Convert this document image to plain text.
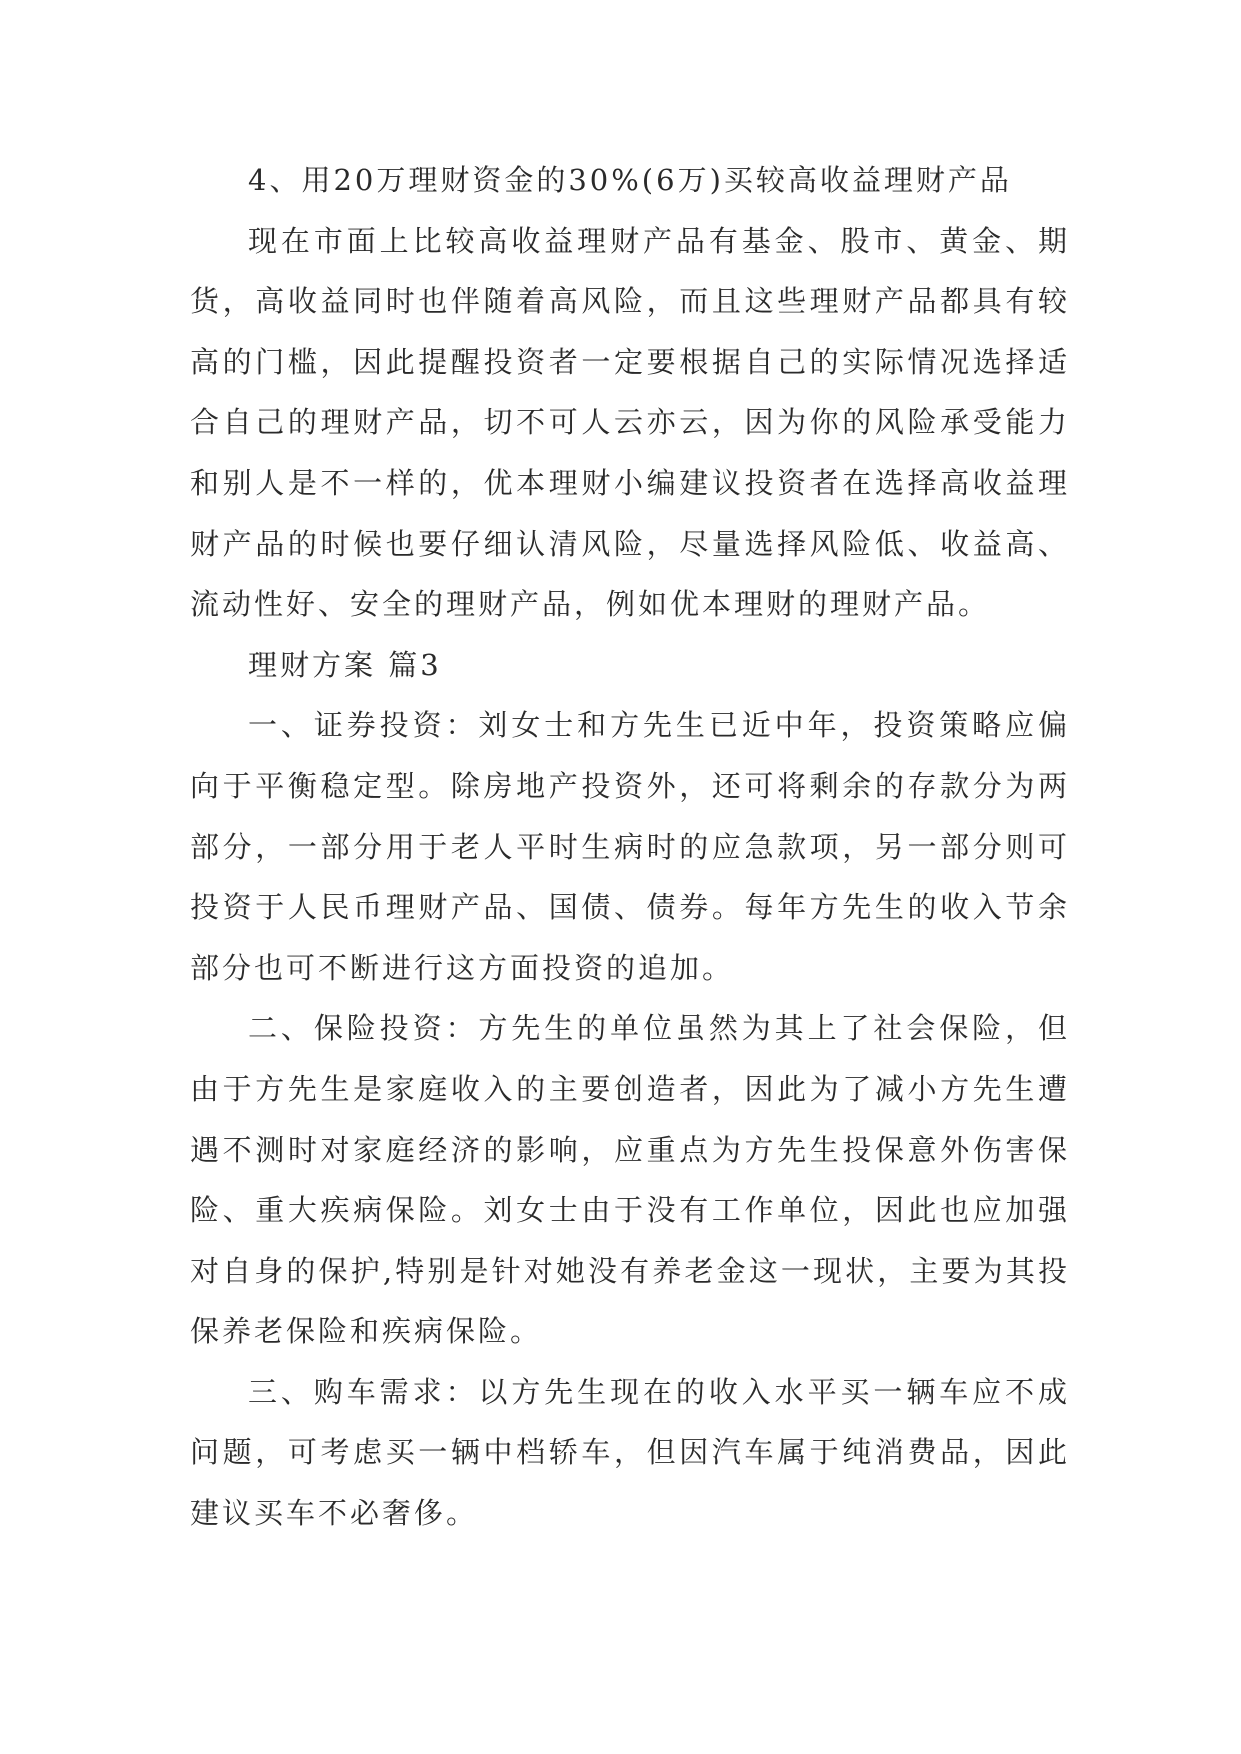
4、用20万理财资金的30%(6万)买较高收益理财产品

现在市面上比较高收益理财产品有基金、股市、黄金、期货，高收益同时也伴随着高风险，而且这些理财产品都具有较高的门槛，因此提醒投资者一定要根据自己的实际情况选择适合自己的理财产品，切不可人云亦云，因为你的风险承受能力和别人是不一样的，优本理财小编建议投资者在选择高收益理财产品的时候也要仔细认清风险，尽量选择风险低、收益高、流动性好、安全的理财产品，例如优本理财的理财产品。

理财方案 篇3

一、证券投资：刘女士和方先生已近中年，投资策略应偏向于平衡稳定型。除房地产投资外，还可将剩余的存款分为两部分，一部分用于老人平时生病时的应急款项，另一部分则可投资于人民币理财产品、国债、债券。每年方先生的收入节余部分也可不断进行这方面投资的追加。

二、保险投资：方先生的单位虽然为其上了社会保险，但由于方先生是家庭收入的主要创造者，因此为了减小方先生遭遇不测时对家庭经济的影响，应重点为方先生投保意外伤害保险、重大疾病保险。刘女士由于没有工作单位，因此也应加强对自身的保护,特别是针对她没有养老金这一现状，主要为其投保养老保险和疾病保险。

三、购车需求：以方先生现在的收入水平买一辆车应不成问题，可考虑买一辆中档轿车，但因汽车属于纯消费品，因此建议买车不必奢侈。
